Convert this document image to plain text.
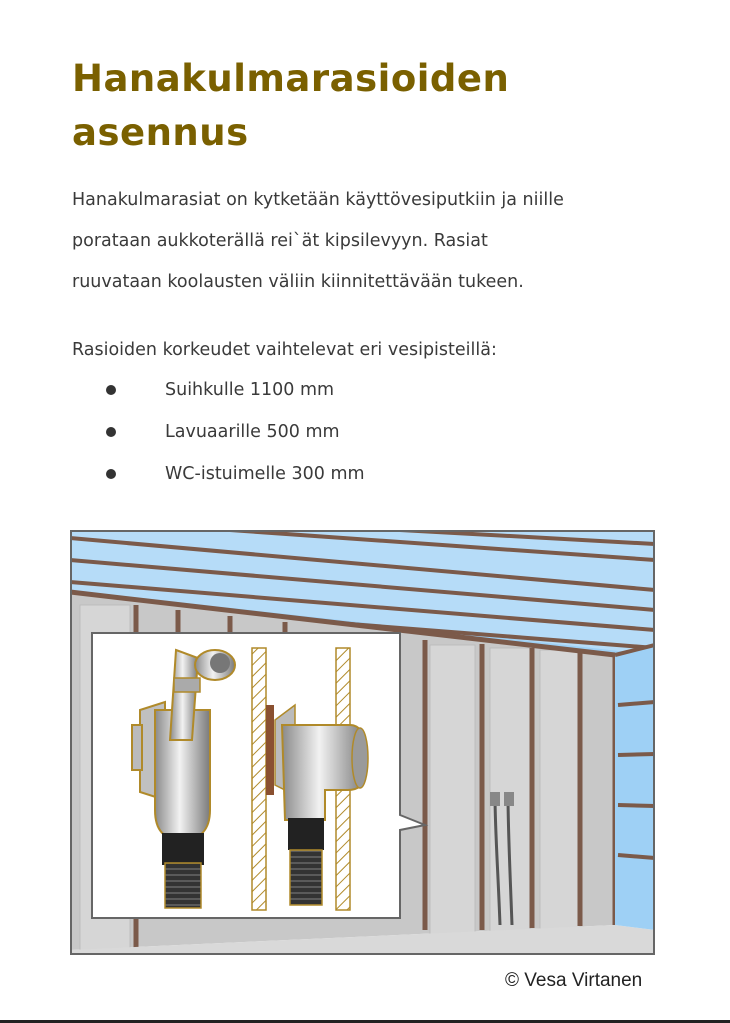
Hanakulmarasioiden
asennus

Hanakulmarasiat on kytketään käyttövesiputkiin ja niille
porataan aukkoterällä rei`ät kipsilevyyn. Rasiat
ruuvataan koolausten väliin kiinnitettävään tukeen.

Rasioiden korkeudet vaihtelevat eri vesipisteillä:

Suihkulle 1100 mm
Lavuaarille 500 mm
WC-istuimelle 300 mm
© Vesa Virtanen
